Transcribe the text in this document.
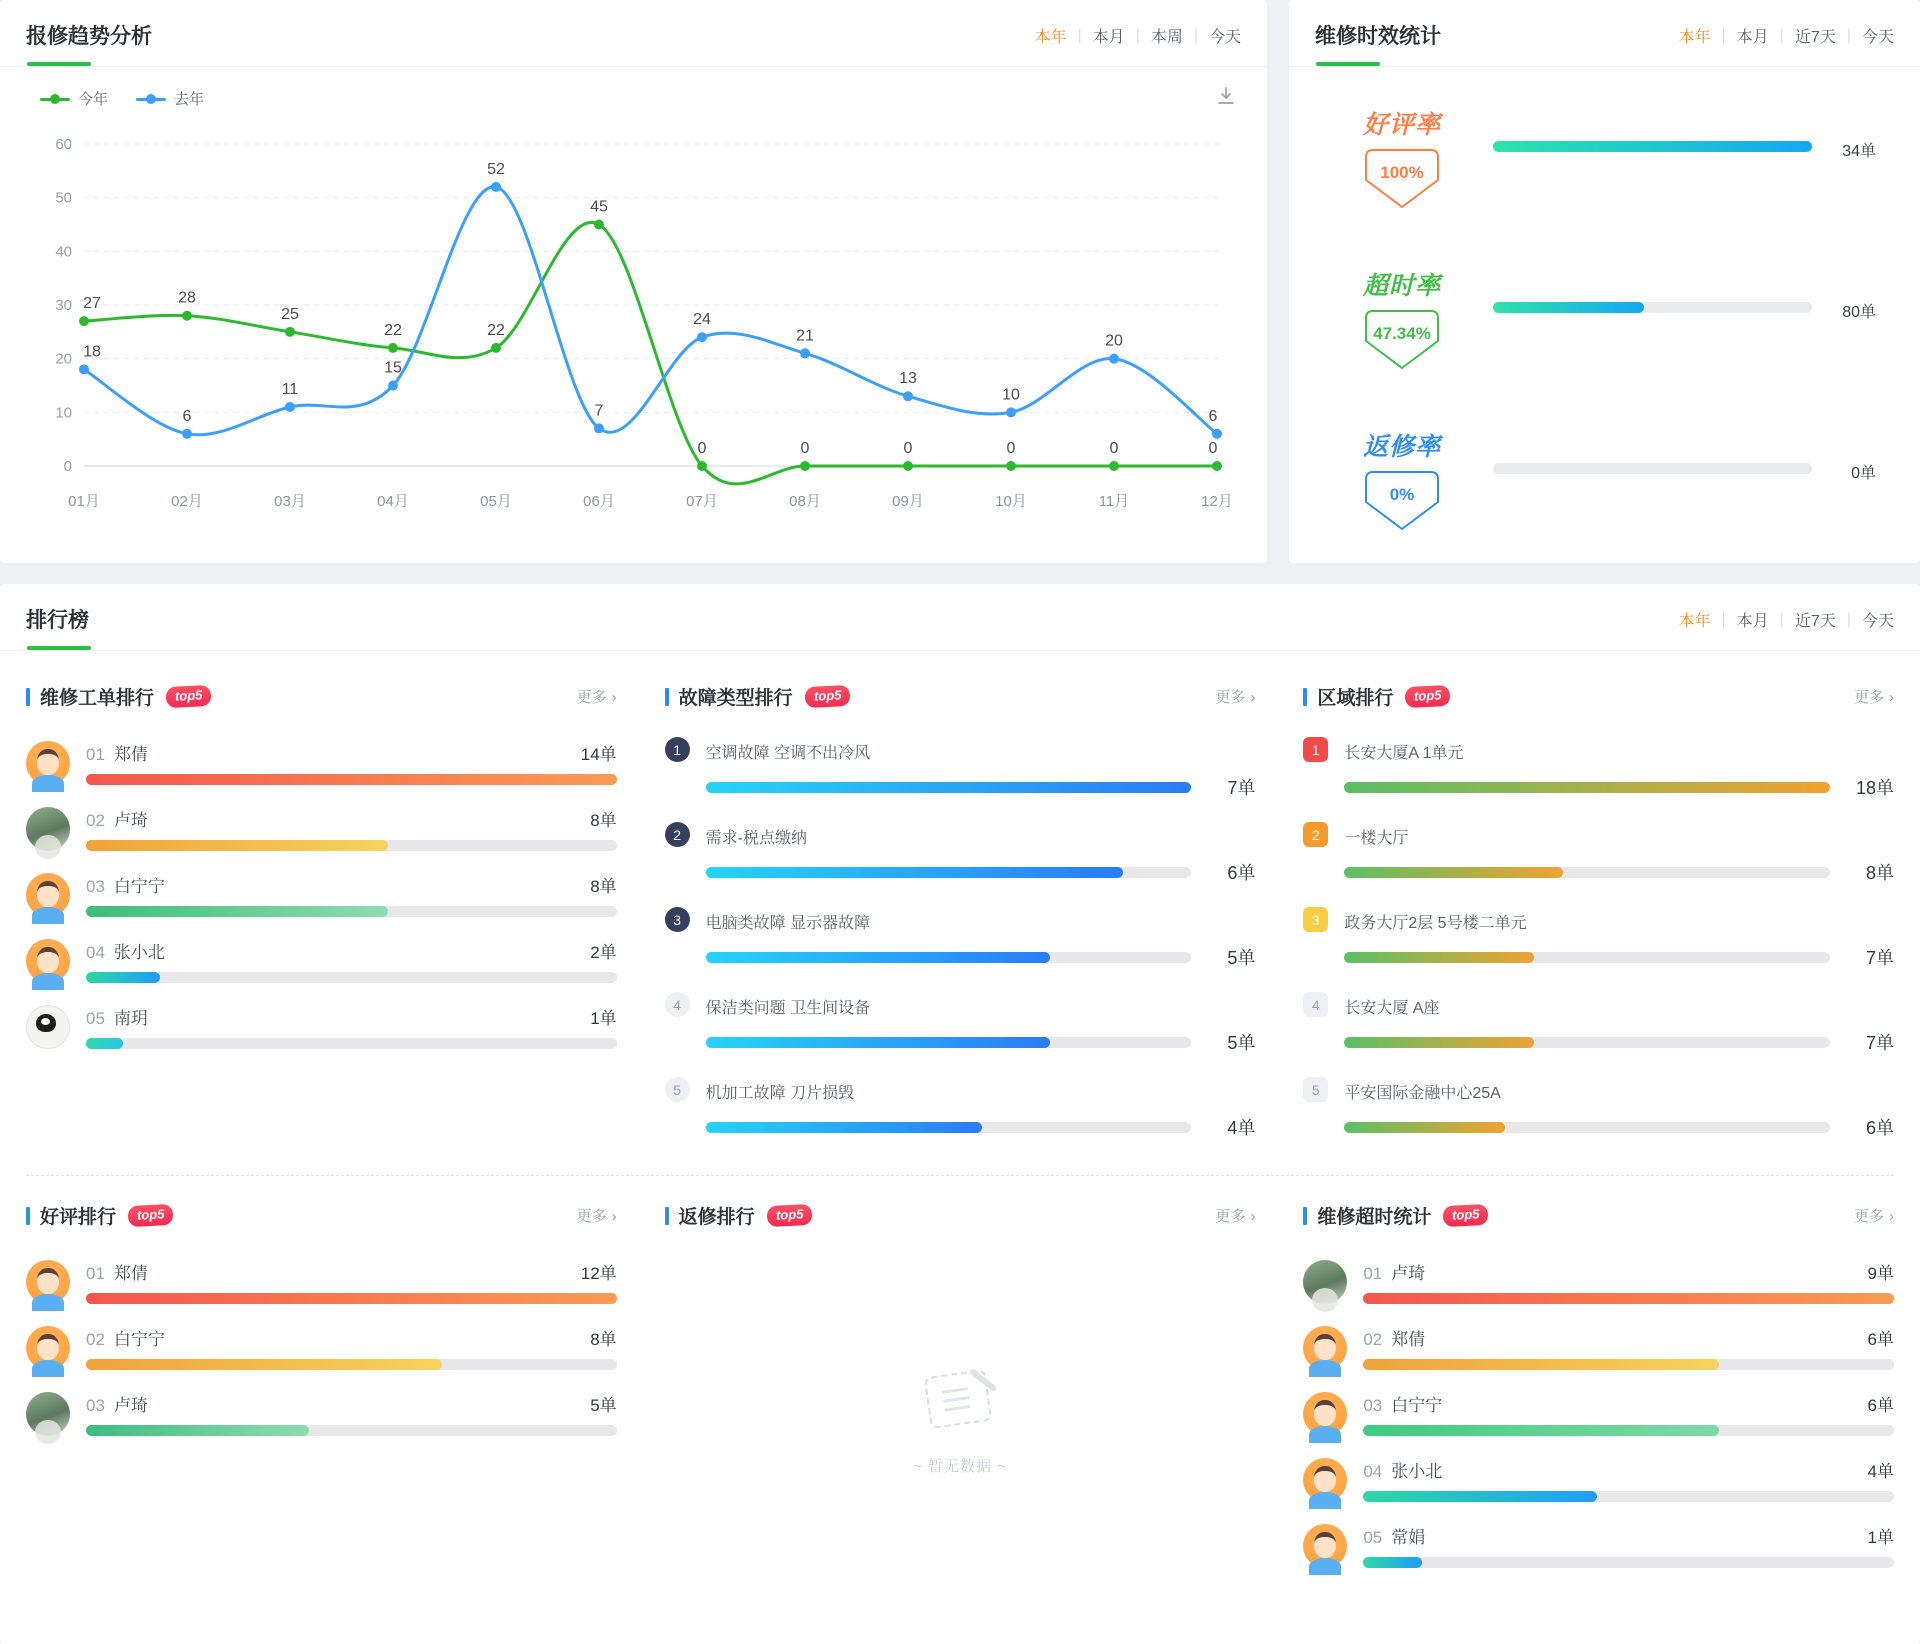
报修趋势分析	本年 | 本月 | 本周 | 今天
今年	去年
0
10
20
30
40
50
60
01月	02月	03月	04月	05月	06月	07月	08月	09月	10月	11月	12月
27	28
25
22	22
45
0	0	0	0	0	0
18
6
11
15
52
7
24
21
13
10
20
6
维修时效统计	本年 | 本月 | 近7天 | 今天
好评率
100%
34单
超时率
47.34%
80单
返修率
0%
0单
排行榜	本年 | 本月 | 近7天 | 今天
维修工单排行	top5	更多 ›
01 郑倩	14单
02 卢琦	8单
03 白宁宁	8单
04 张小北	2单
05 南玥	1单
故障类型排行	top5	更多 ›
1	空调故障 空调不出冷风
7单
2	需求-税点缴纳
6单
3	电脑类故障 显示器故障
5单
4	保洁类问题 卫生间设备
5单
5	机加工故障 刀片损毁
4单
区域排行	top5	更多 ›
1	长安大厦A 1单元
18单
2	一楼大厅
8单
3	政务大厅2层 5号楼二单元
7单
4	长安大厦 A座
7单
5	平安国际金融中心25A
6单
好评排行	top5	更多 ›
01 郑倩	12单
02 白宁宁	8单
03 卢琦	5单
返修排行	top5	更多 ›
~ 暂无数据 ~
维修超时统计	top5	更多 ›
01 卢琦	9单
02 郑倩	6单
03 白宁宁	6单
04 张小北	4单
05 常娟	1单
